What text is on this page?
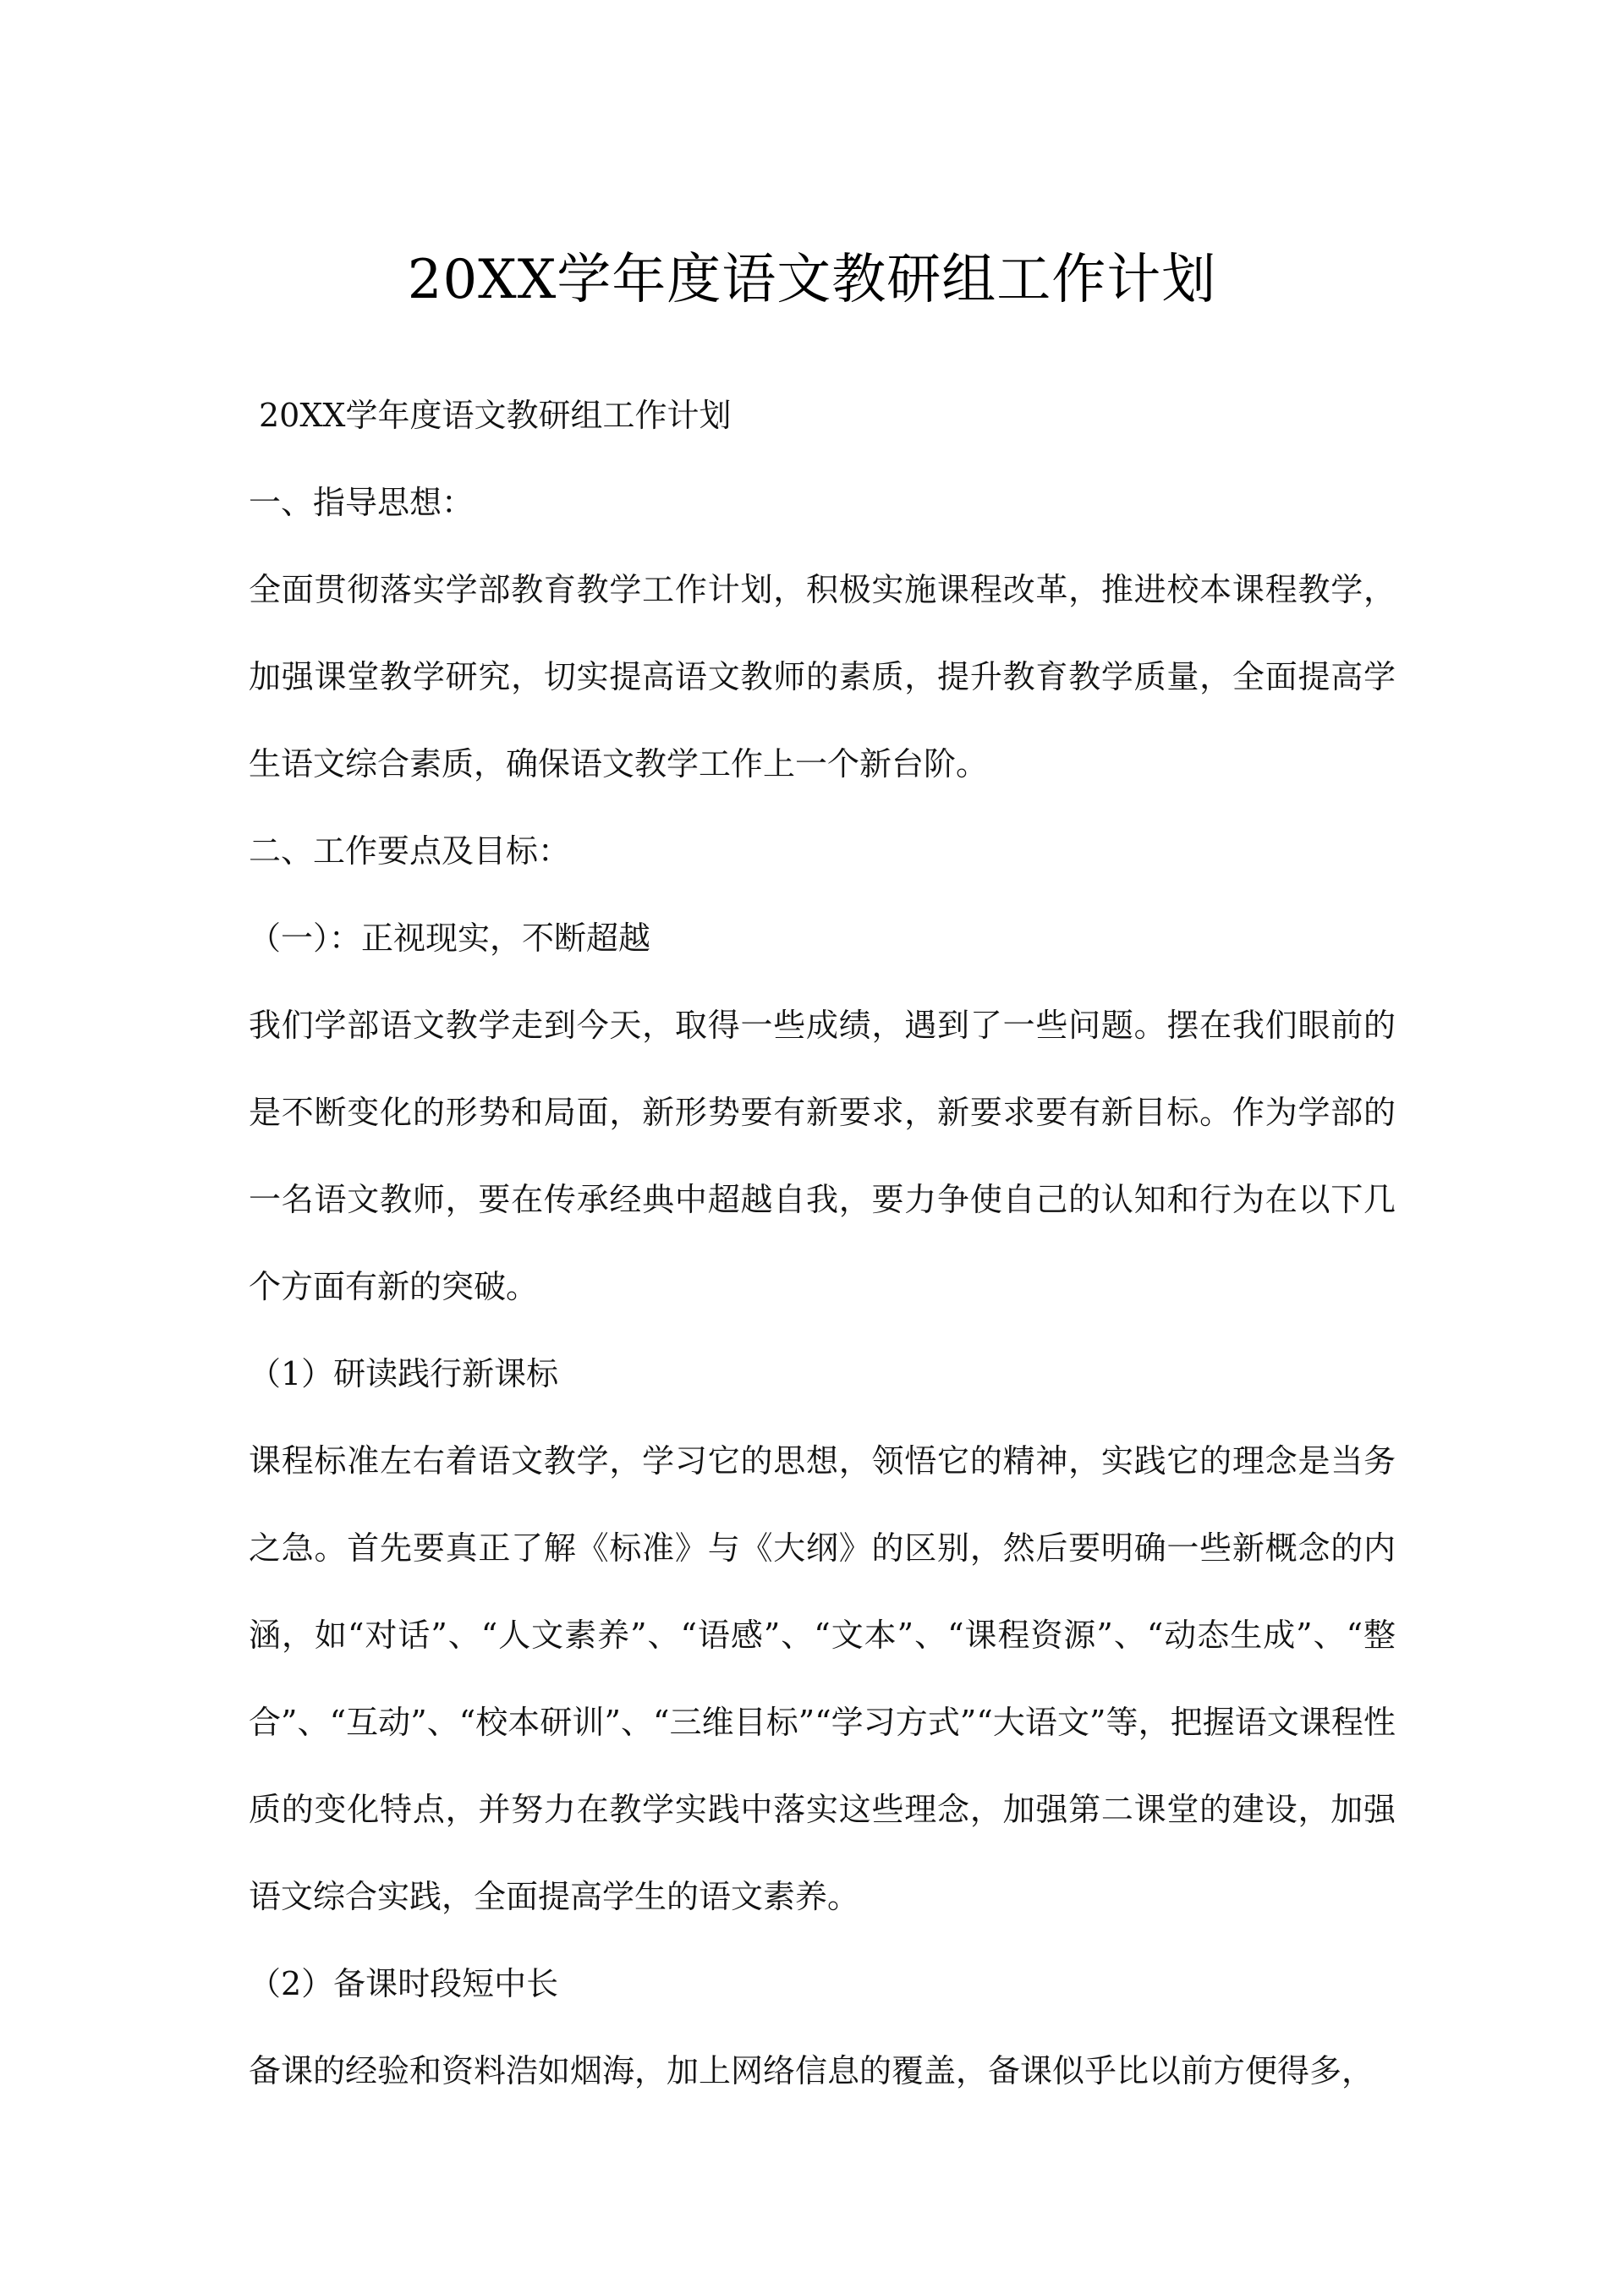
20XX学年度语文教研组工作计划

20XX学年度语文教研组工作计划

一、指导思想：

全面贯彻落实学部教育教学工作计划，积极实施课程改革，推进校本课程教学，加强课堂教学研究，切实提高语文教师的素质，提升教育教学质量，全面提高学生语文综合素质，确保语文教学工作上一个新台阶。

二、工作要点及目标：

（一）：正视现实，不断超越

我们学部语文教学走到今天，取得一些成绩，遇到了一些问题。摆在我们眼前的是不断变化的形势和局面，新形势要有新要求，新要求要有新目标。作为学部的一名语文教师，要在传承经典中超越自我，要力争使自己的认知和行为在以下几个方面有新的突破。

（1）研读践行新课标

课程标准左右着语文教学，学习它的思想，领悟它的精神，实践它的理念是当务之急。首先要真正了解《标准》与《大纲》的区别，然后要明确一些新概念的内涵，如“对话”、“人文素养”、“语感”、“文本”、“课程资源”、“动态生成”、“整合”、“互动”、“校本研训”、“三维目标”“学习方式”“大语文”等，把握语文课程性质的变化特点，并努力在教学实践中落实这些理念，加强第二课堂的建设，加强语文综合实践，全面提高学生的语文素养。

（2）备课时段短中长

备课的经验和资料浩如烟海，加上网络信息的覆盖，备课似乎比以前方便得多，
